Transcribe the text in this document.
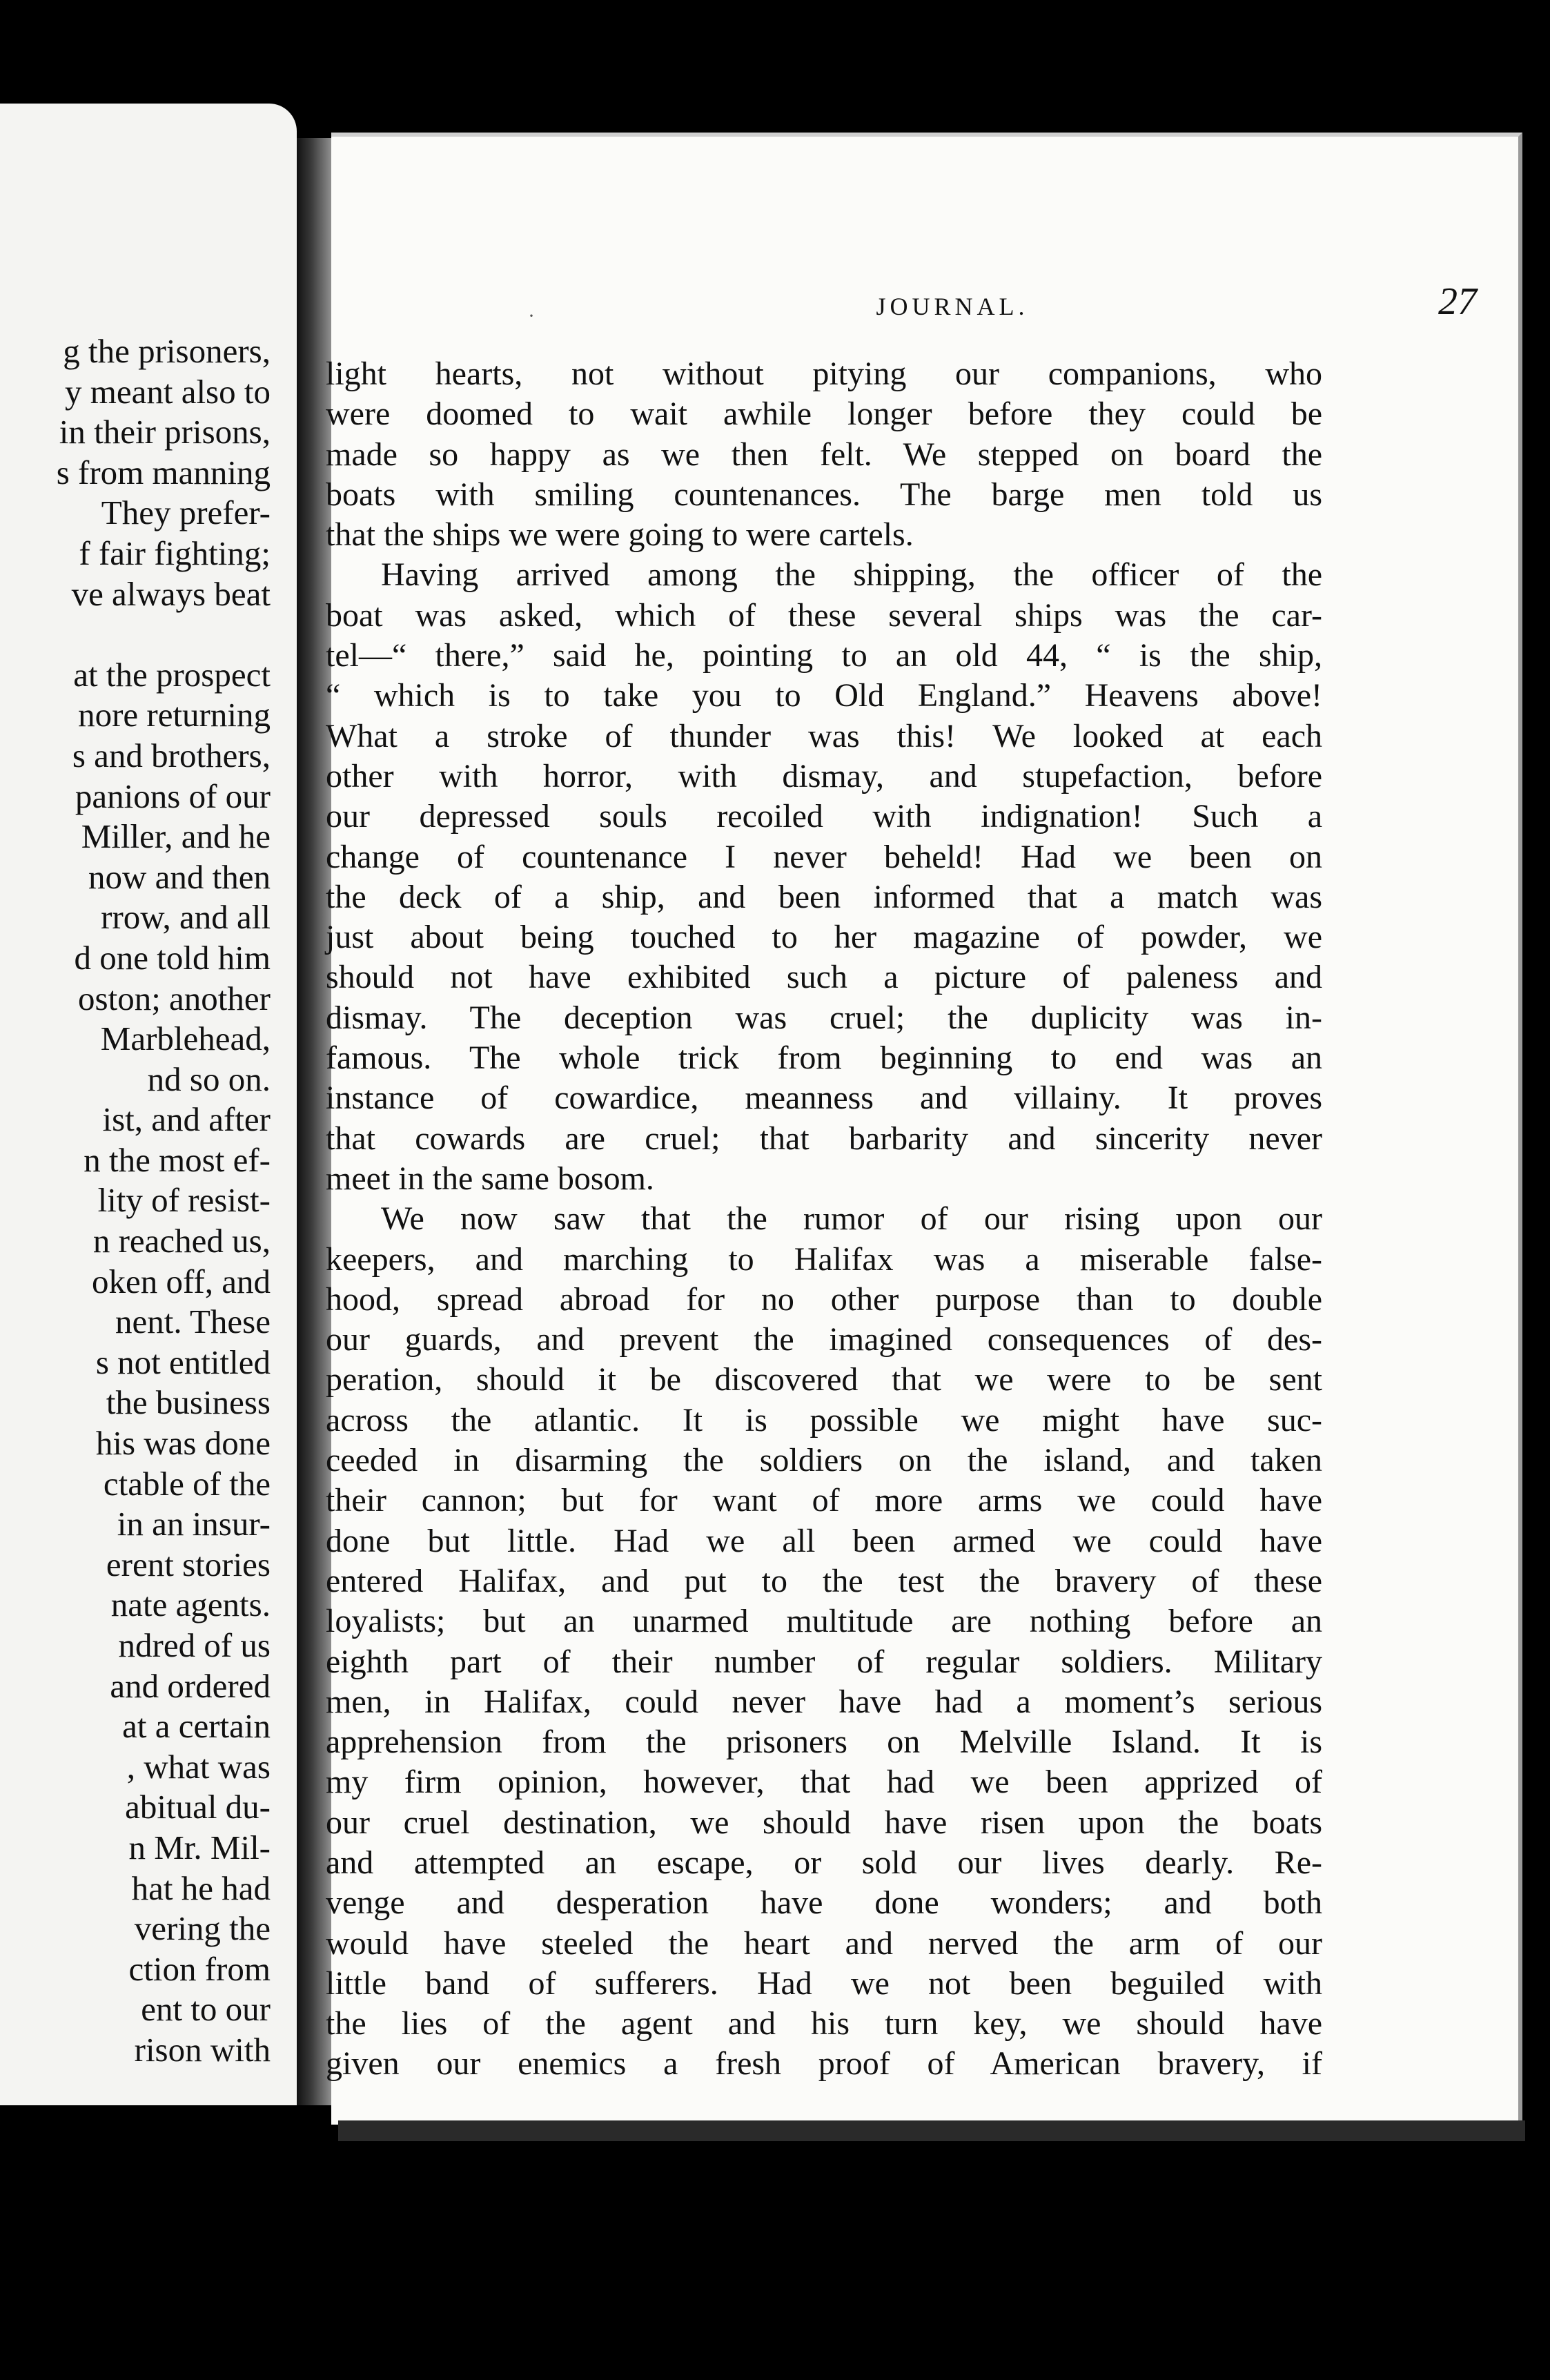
g the prisoners,
y meant also to
in their prisons,
s from manning
They prefer-
f fair fighting;
ve always beat
at the prospect
nore returning
s and brothers,
panions of our
Miller, and he
now and then
rrow, and all
d one told him
oston; another
Marblehead,
nd so on.
ist, and after
n the most ef-
lity of resist-
n reached us,
oken off, and
nent. These
s not entitled
the business
his was done
ctable of the
in an insur-
erent stories
nate agents.
ndred of us
and ordered
at a certain
, what was
abitual du-
n Mr. Mil-
hat he had
vering the
ction from
ent to our
rison with
·	JOURNAL.	27
light hearts, not without pitying our companions, who
were doomed to wait awhile longer before they could be
made so happy as we then felt. We stepped on board the
boats with smiling countenances. The barge men told us
that the ships we were going to were cartels.
Having arrived among the shipping, the officer of the
boat was asked, which of these several ships was the car-
tel—“ there,” said he, pointing to an old 44, “ is the ship,
“ which is to take you to Old England.” Heavens above!
What a stroke of thunder was this! We looked at each
other with horror, with dismay, and stupefaction, before
our depressed souls recoiled with indignation! Such a
change of countenance I never beheld! Had we been on
the deck of a ship, and been informed that a match was
just about being touched to her magazine of powder, we
should not have exhibited such a picture of paleness and
dismay. The deception was cruel; the duplicity was in-
famous. The whole trick from beginning to end was an
instance of cowardice, meanness and villainy. It proves
that cowards are cruel; that barbarity and sincerity never
meet in the same bosom.
We now saw that the rumor of our rising upon our
keepers, and marching to Halifax was a miserable false-
hood, spread abroad for no other purpose than to double
our guards, and prevent the imagined consequences of des-
peration, should it be discovered that we were to be sent
across the atlantic. It is possible we might have suc-
ceeded in disarming the soldiers on the island, and taken
their cannon; but for want of more arms we could have
done but little. Had we all been armed we could have
entered Halifax, and put to the test the bravery of these
loyalists; but an unarmed multitude are nothing before an
eighth part of their number of regular soldiers. Military
men, in Halifax, could never have had a moment’s serious
apprehension from the prisoners on Melville Island. It is
my firm opinion, however, that had we been apprized of
our cruel destination, we should have risen upon the boats
and attempted an escape, or sold our lives dearly. Re-
venge and desperation have done wonders; and both
would have steeled the heart and nerved the arm of our
little band of sufferers. Had we not been beguiled with
the lies of the agent and his turn key, we should have
given our enemics a fresh proof of American bravery, if
